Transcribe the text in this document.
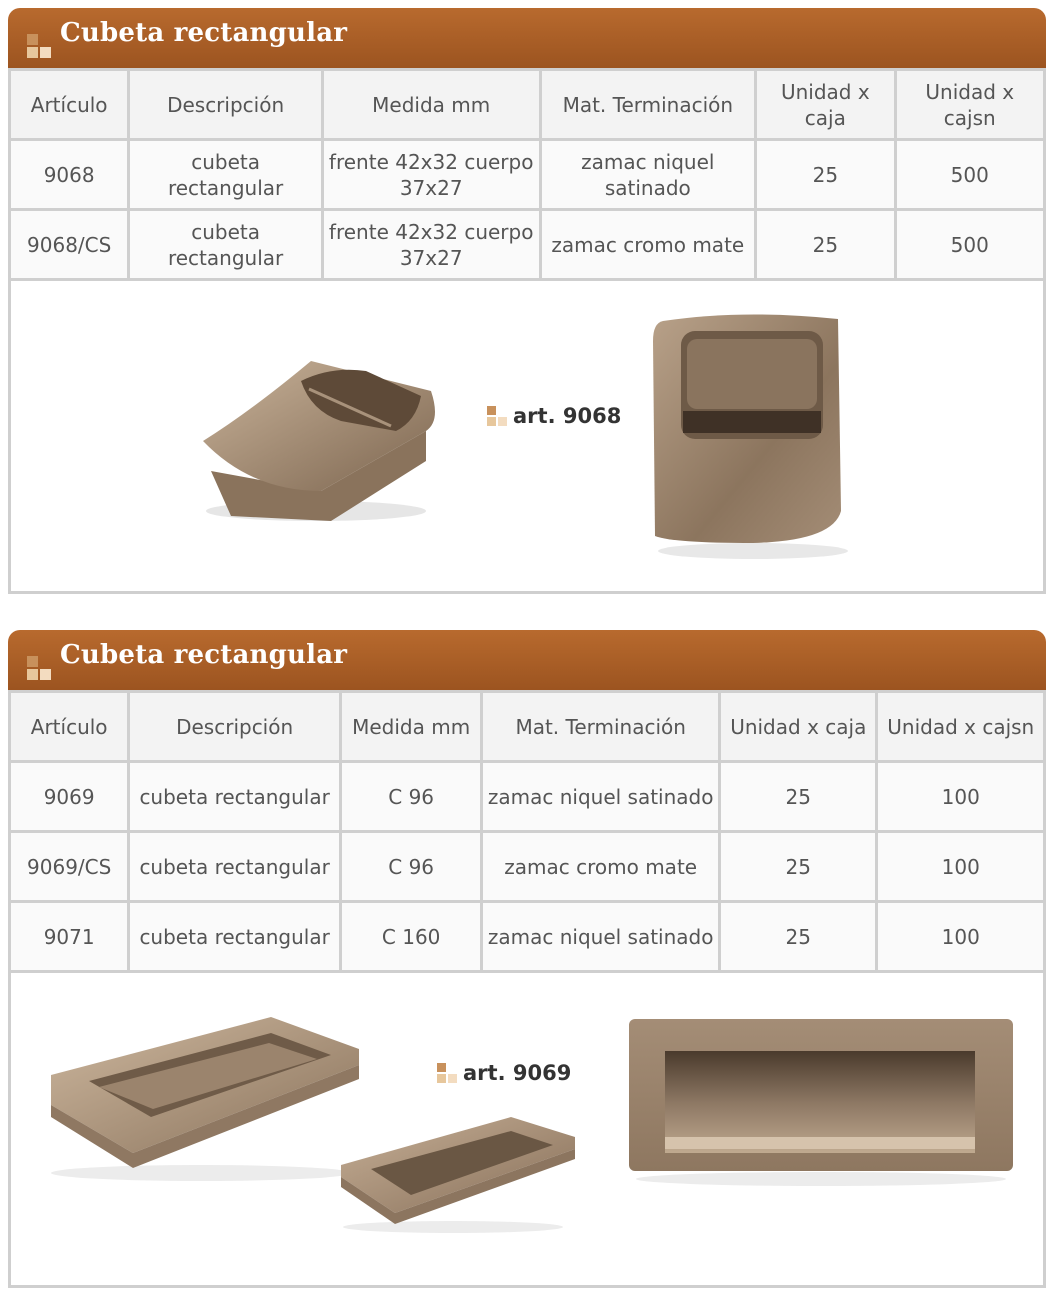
Cubeta rectangular
Artículo	Descripción	Medida mm	Mat. Terminación	Unidad x caja	Unidad x cajsn
9068	cubeta rectangular	frente 42x32 cuerpo 37x27	zamac niquel satinado	25	500
9068/CS	cubeta rectangular	frente 42x32 cuerpo 37x27	zamac cromo mate	25	500
art. 9068
Cubeta rectangular
Artículo	Descripción	Medida mm	Mat. Terminación	Unidad x caja	Unidad x cajsn
9069	cubeta rectangular	C 96	zamac niquel satinado	25	100
9069/CS	cubeta rectangular	C 96	zamac cromo mate	25	100
9071	cubeta rectangular	C 160	zamac niquel satinado	25	100
art. 9069
